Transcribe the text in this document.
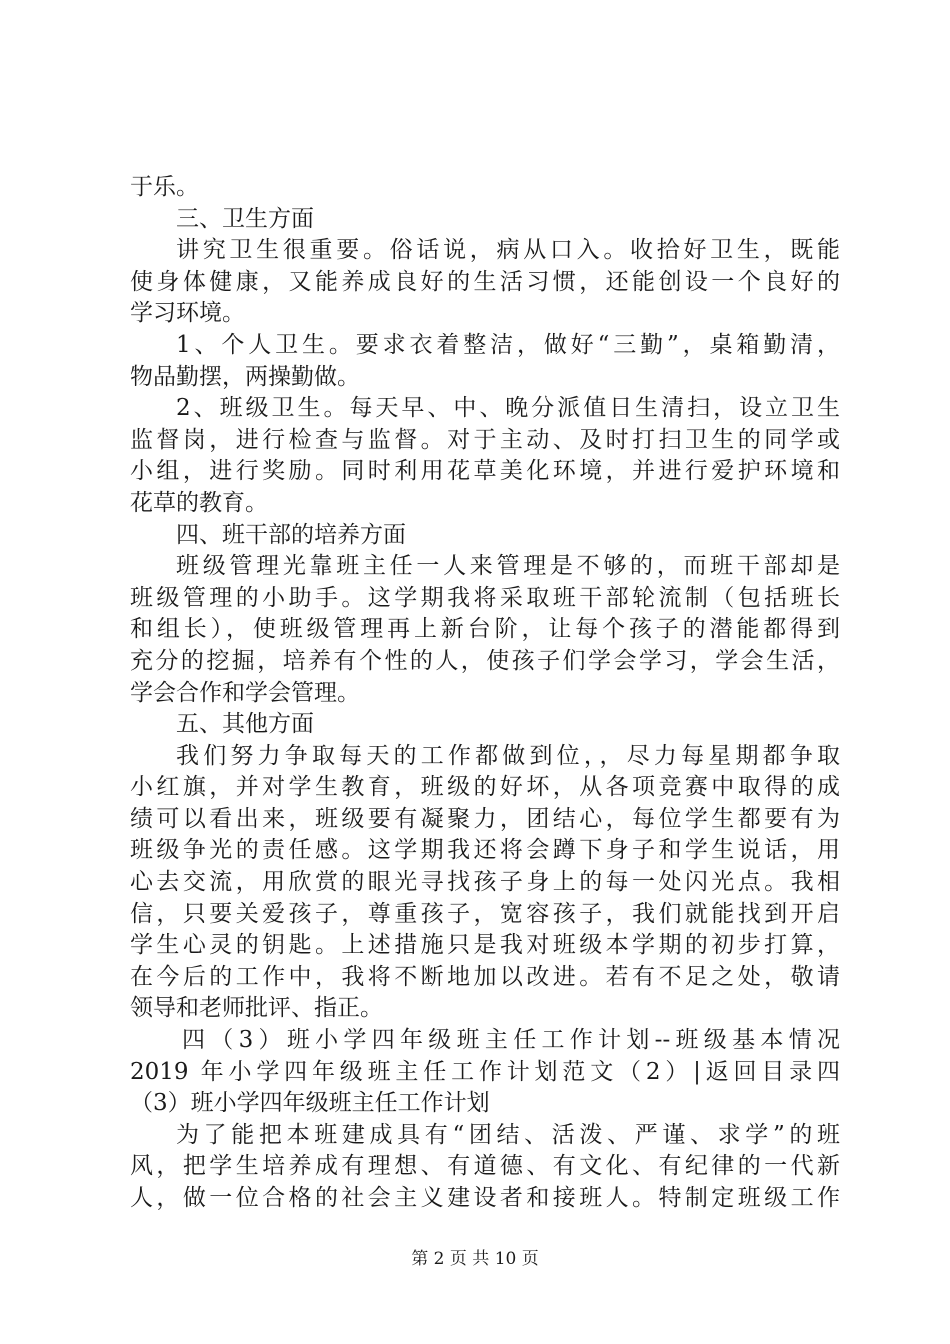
于乐。
三、卫生方面
讲究卫生很重要。俗话说，病从口入。收拾好卫生，既能
使身体健康，又能养成良好的生活习惯，还能创设一个良好的
学习环境。
1、个人卫生。要求衣着整洁，做好“三勤”，桌箱勤清，
物品勤摆，两操勤做。
2、班级卫生。每天早、中、晚分派值日生清扫，设立卫生
监督岗，进行检查与监督。对于主动、及时打扫卫生的同学或
小组，进行奖励。同时利用花草美化环境，并进行爱护环境和
花草的教育。
四、班干部的培养方面
班级管理光靠班主任一人来管理是不够的，而班干部却是
班级管理的小助手。这学期我将采取班干部轮流制（包括班长
和组长），使班级管理再上新台阶，让每个孩子的潜能都得到
充分的挖掘，培养有个性的人，使孩子们学会学习，学会生活，
学会合作和学会管理。
五、其他方面
我们努力争取每天的工作都做到位，，尽力每星期都争取
小红旗，并对学生教育，班级的好坏，从各项竞赛中取得的成
绩可以看出来，班级要有凝聚力，团结心，每位学生都要有为
班级争光的责任感。这学期我还将会蹲下身子和学生说话，用
心去交流，用欣赏的眼光寻找孩子身上的每一处闪光点。我相
信，只要关爱孩子，尊重孩子，宽容孩子，我们就能找到开启
学生心灵的钥匙。上述措施只是我对班级本学期的初步打算，
在今后的工作中，我将不断地加以改进。若有不足之处，敬请
领导和老师批评、指正。
四（3）班小学四年级班主任工作计划--班级基本情况
2019 年小学四年级班主任工作计划范文（2）|返回目录四
（3）班小学四年级班主任工作计划
为了能把本班建成具有“团结、活泼、严谨、求学”的班
风，把学生培养成有理想、有道德、有文化、有纪律的一代新
人，做一位合格的社会主义建设者和接班人。特制定班级工作
第 2 页 共 10 页
